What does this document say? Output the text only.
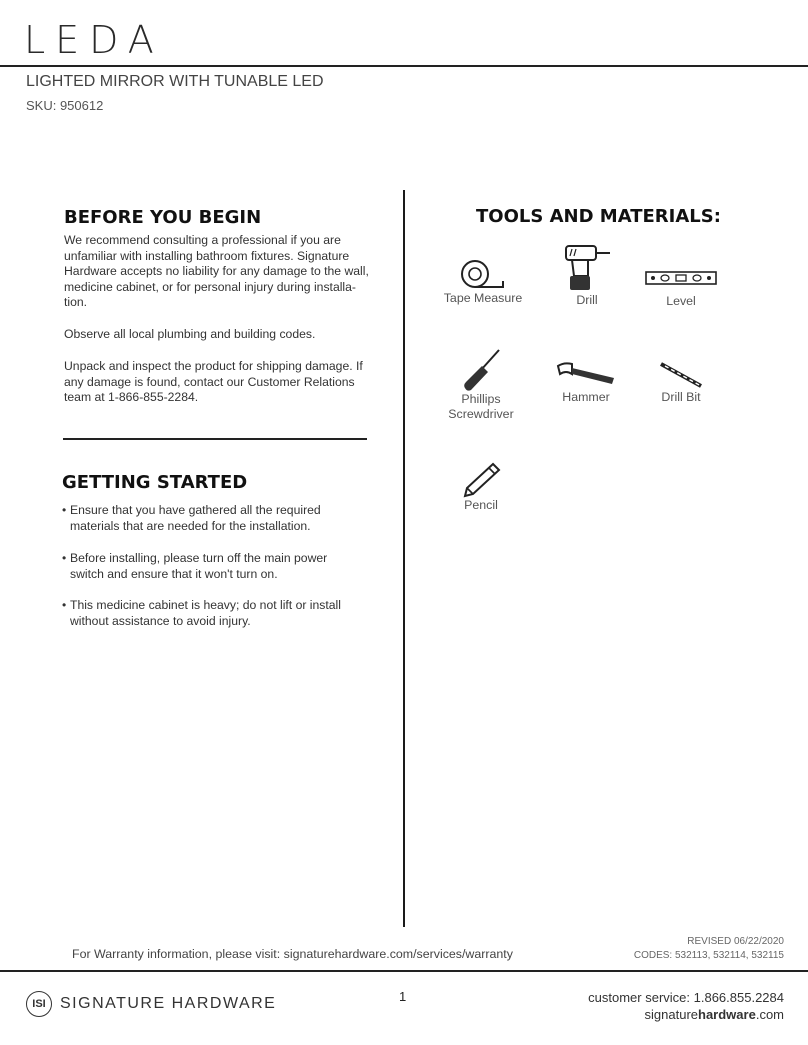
LEDA
LIGHTED MIRROR WITH TUNABLE LED
SKU: 950612
BEFORE YOU BEGIN
We recommend consulting a professional if you are unfamiliar with installing bathroom fixtures. Signature Hardware accepts no liability for any damage to the wall, medicine cabinet, or for personal injury during installa-tion.
Observe all local plumbing and building codes.
Unpack and inspect the product for shipping damage. If any damage is found, contact our Customer Relations team at 1-866-855-2284.
GETTING STARTED
• Ensure that you have gathered all the required materials that are needed for the installation.
• Before installing, please turn off the main power switch and ensure that it won't turn on.
• This medicine cabinet is heavy; do not lift or install without assistance to avoid injury.
TOOLS AND MATERIALS:
Tape Measure	Drill	Level
Phillips
Screwdriver
Hammer	Drill Bit
Pencil
For Warranty information, please visit: signaturehardware.com/services/warranty
REVISED 06/22/2020
CODES: 532113, 532114, 532115
ISI SIGNATURE HARDWARE	1	customer service: 1.866.855.2284
signaturehardware.com
